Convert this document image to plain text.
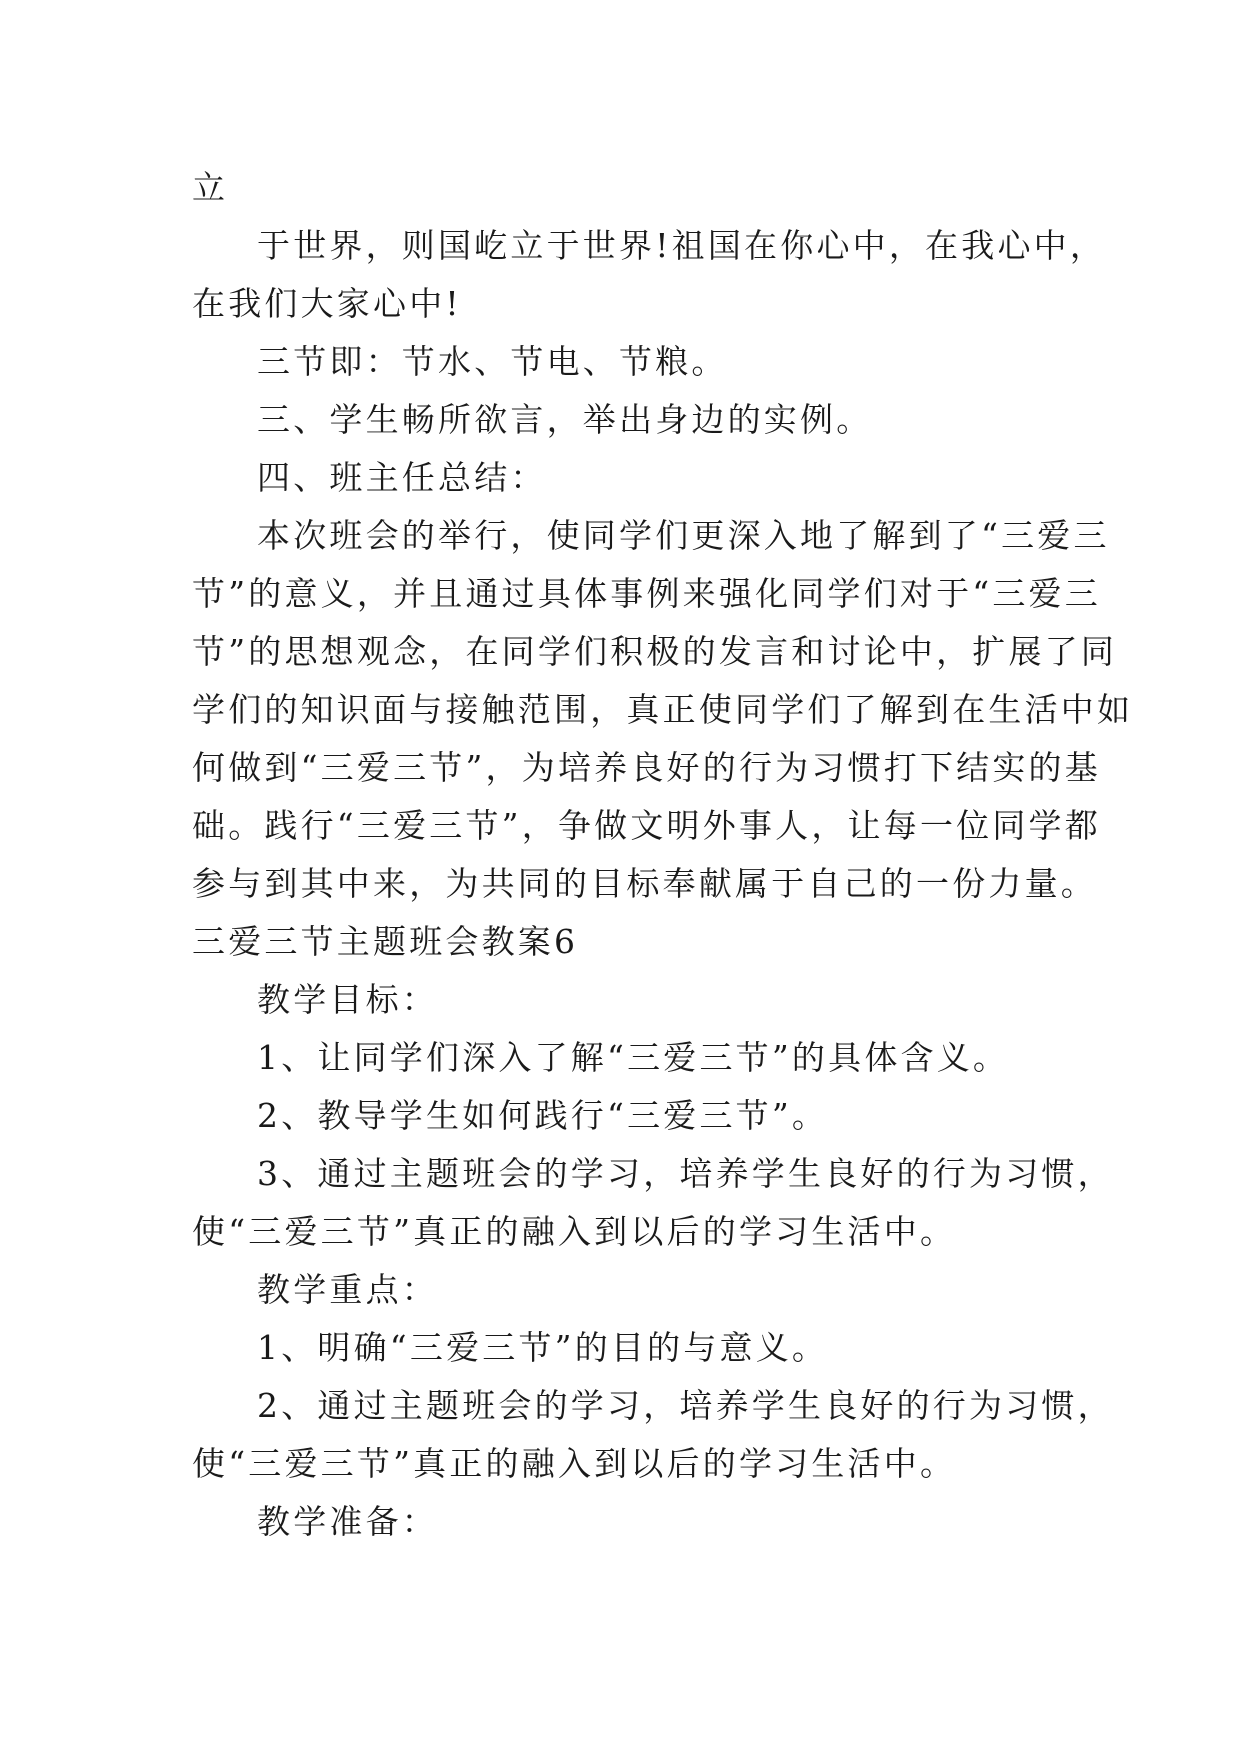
立
于世界，则国屹立于世界!祖国在你心中，在我心中，
在我们大家心中!
三节即：节水、节电、节粮。
三、学生畅所欲言，举出身边的实例。
四、班主任总结：
本次班会的举行，使同学们更深入地了解到了“三爱三
节”的意义，并且通过具体事例来强化同学们对于“三爱三
节”的思想观念，在同学们积极的发言和讨论中，扩展了同
学们的知识面与接触范围，真正使同学们了解到在生活中如
何做到“三爱三节”，为培养良好的行为习惯打下结实的基
础。践行“三爱三节”，争做文明外事人，让每一位同学都
参与到其中来，为共同的目标奉献属于自己的一份力量。
三爱三节主题班会教案6
教学目标：
1、让同学们深入了解“三爱三节”的具体含义。
2、教导学生如何践行“三爱三节”。
3、通过主题班会的学习，培养学生良好的行为习惯，
使“三爱三节”真正的融入到以后的学习生活中。
教学重点：
1、明确“三爱三节”的目的与意义。
2、通过主题班会的学习，培养学生良好的行为习惯，
使“三爱三节”真正的融入到以后的学习生活中。
教学准备：
